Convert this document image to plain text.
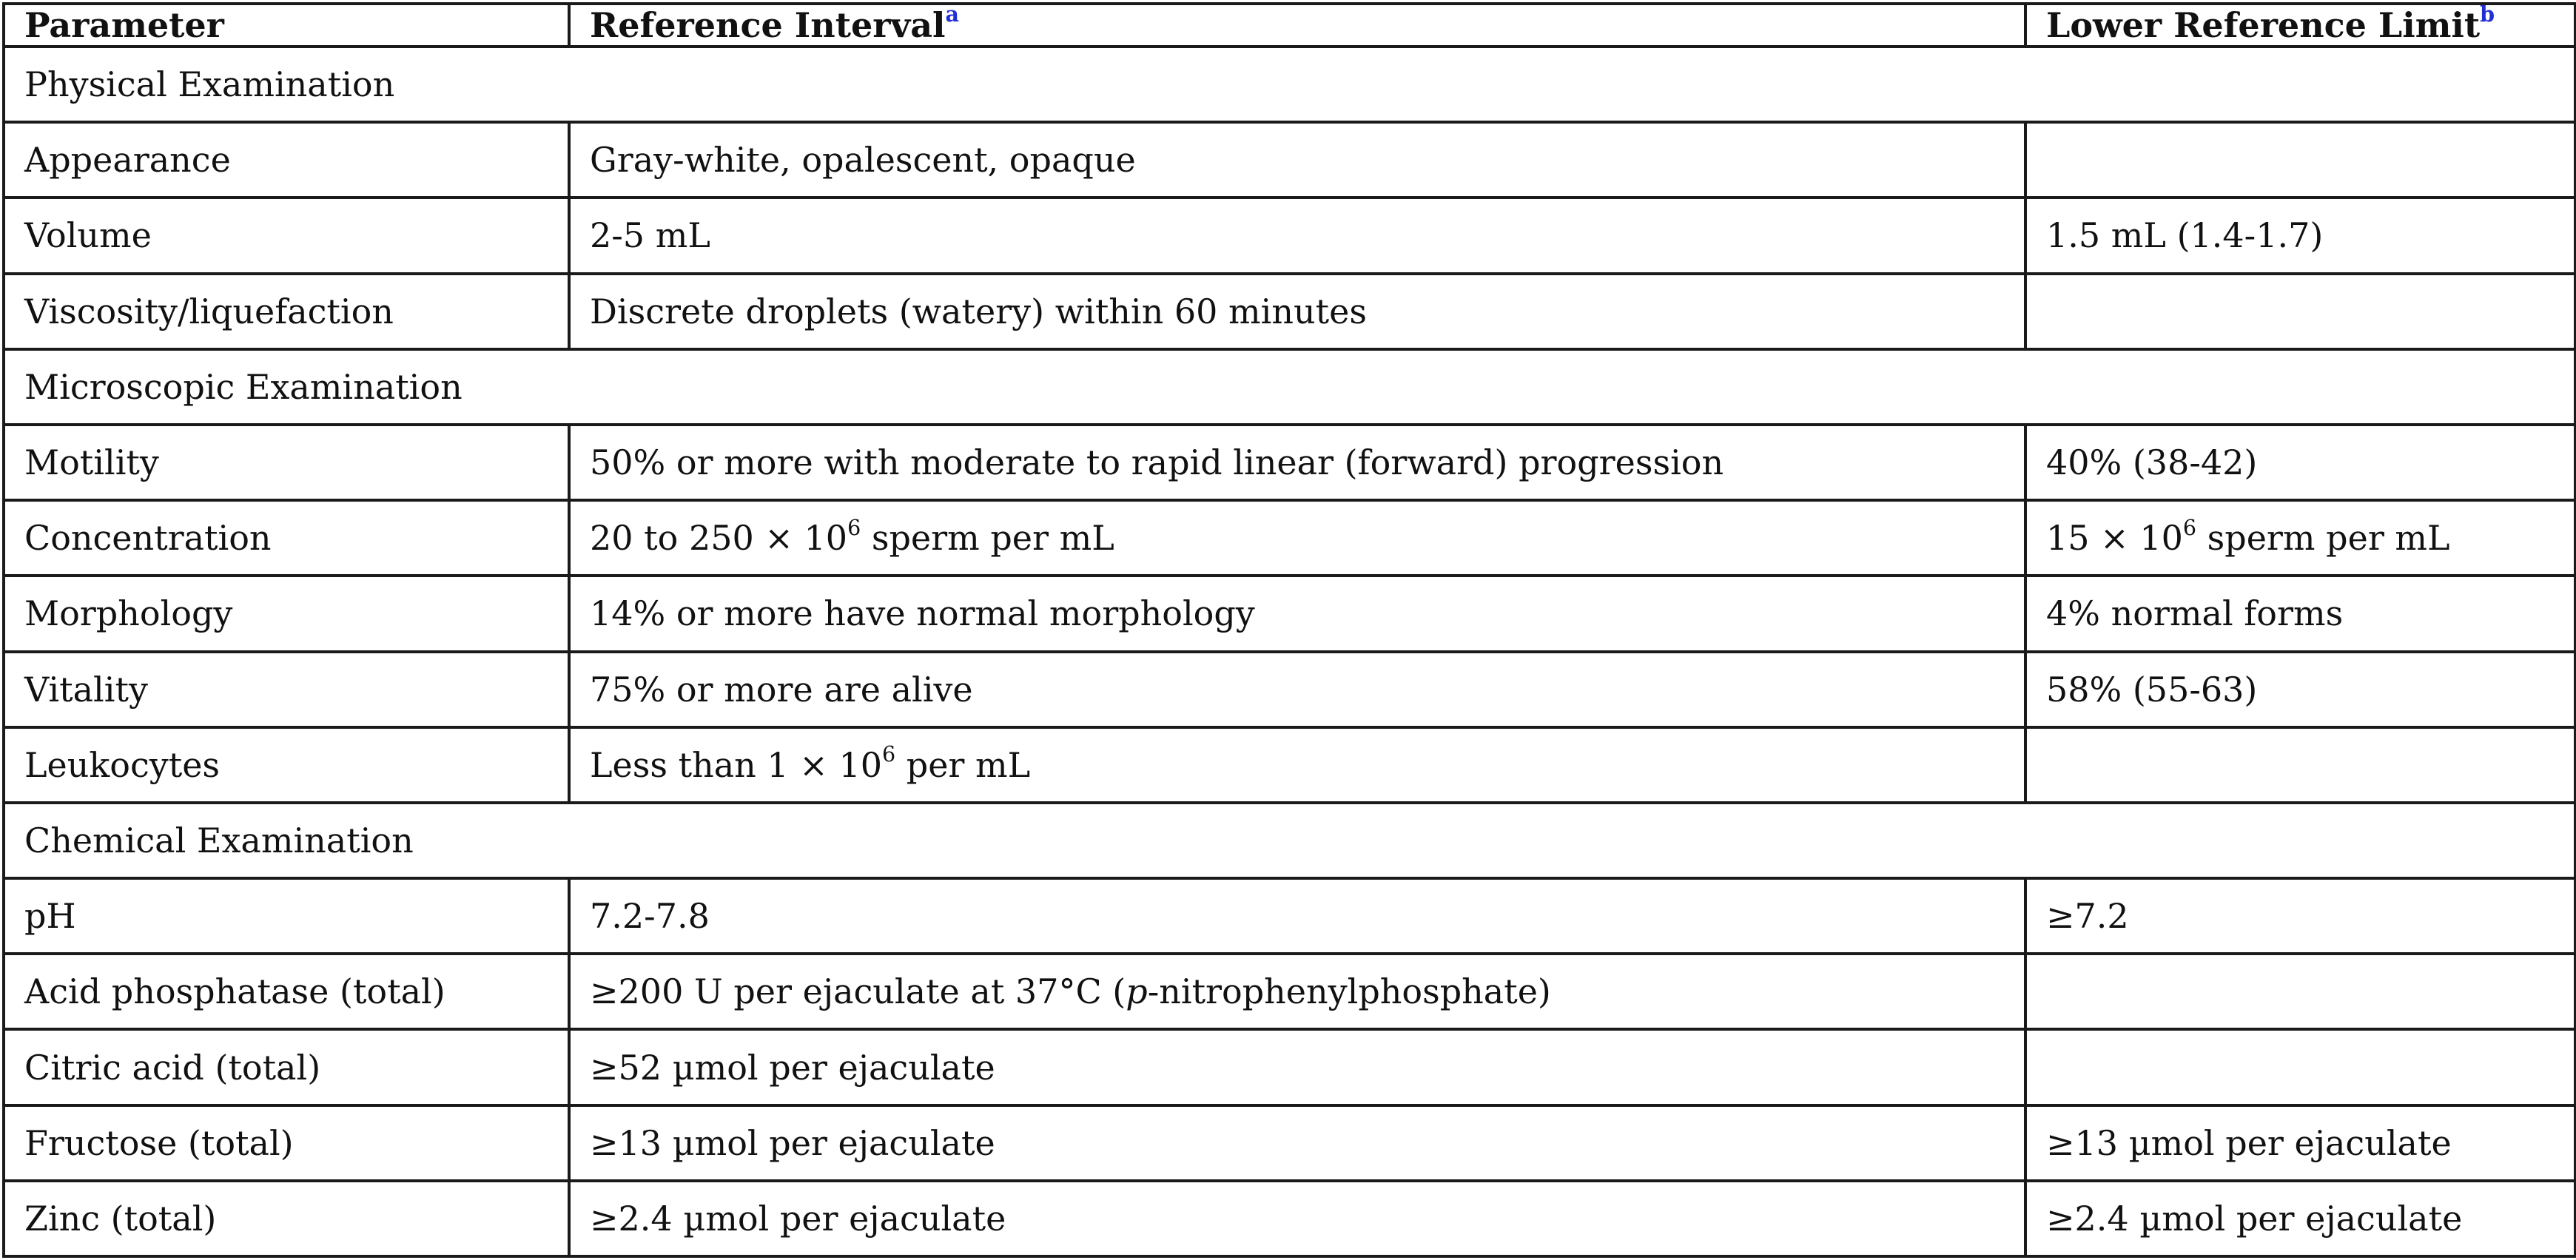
Parameter	Reference Interval$^a$	Lower Reference Limit$^b$
Physical Examination		
Appearance	Gray-white, opalescent, opaque	
Volume	2-5 mL	1.5 mL (1.4-1.7)
Viscosity/liquefaction	Discrete droplets (watery) within 60 minutes	
Microscopic Examination		
Motility	50% or more with moderate to rapid linear (forward) progression	40% (38-42)
Concentration	20 to $250 \times 10^6$ sperm per mL	$15 \times 10^6$ sperm per mL
Morphology	14% or more have normal morphology	4% normal forms
Vitality	75% or more are alive	58% (55-63)
Leukocytes	Less than $1 \times 10^6$ per mL	
Chemical Examination		
pH	7.2-7.8	≥7.2
Acid phosphatase (total)	≥200 U per ejaculate at 37°C (p-nitrophenylphosphate)	
Citric acid (total)	≥52 µmol per ejaculate	
Fructose (total)	≥13 µmol per ejaculate	≥13 µmol per ejaculate
Zinc (total)	≥2.4 µmol per ejaculate	≥2.4 µmol per ejaculate
